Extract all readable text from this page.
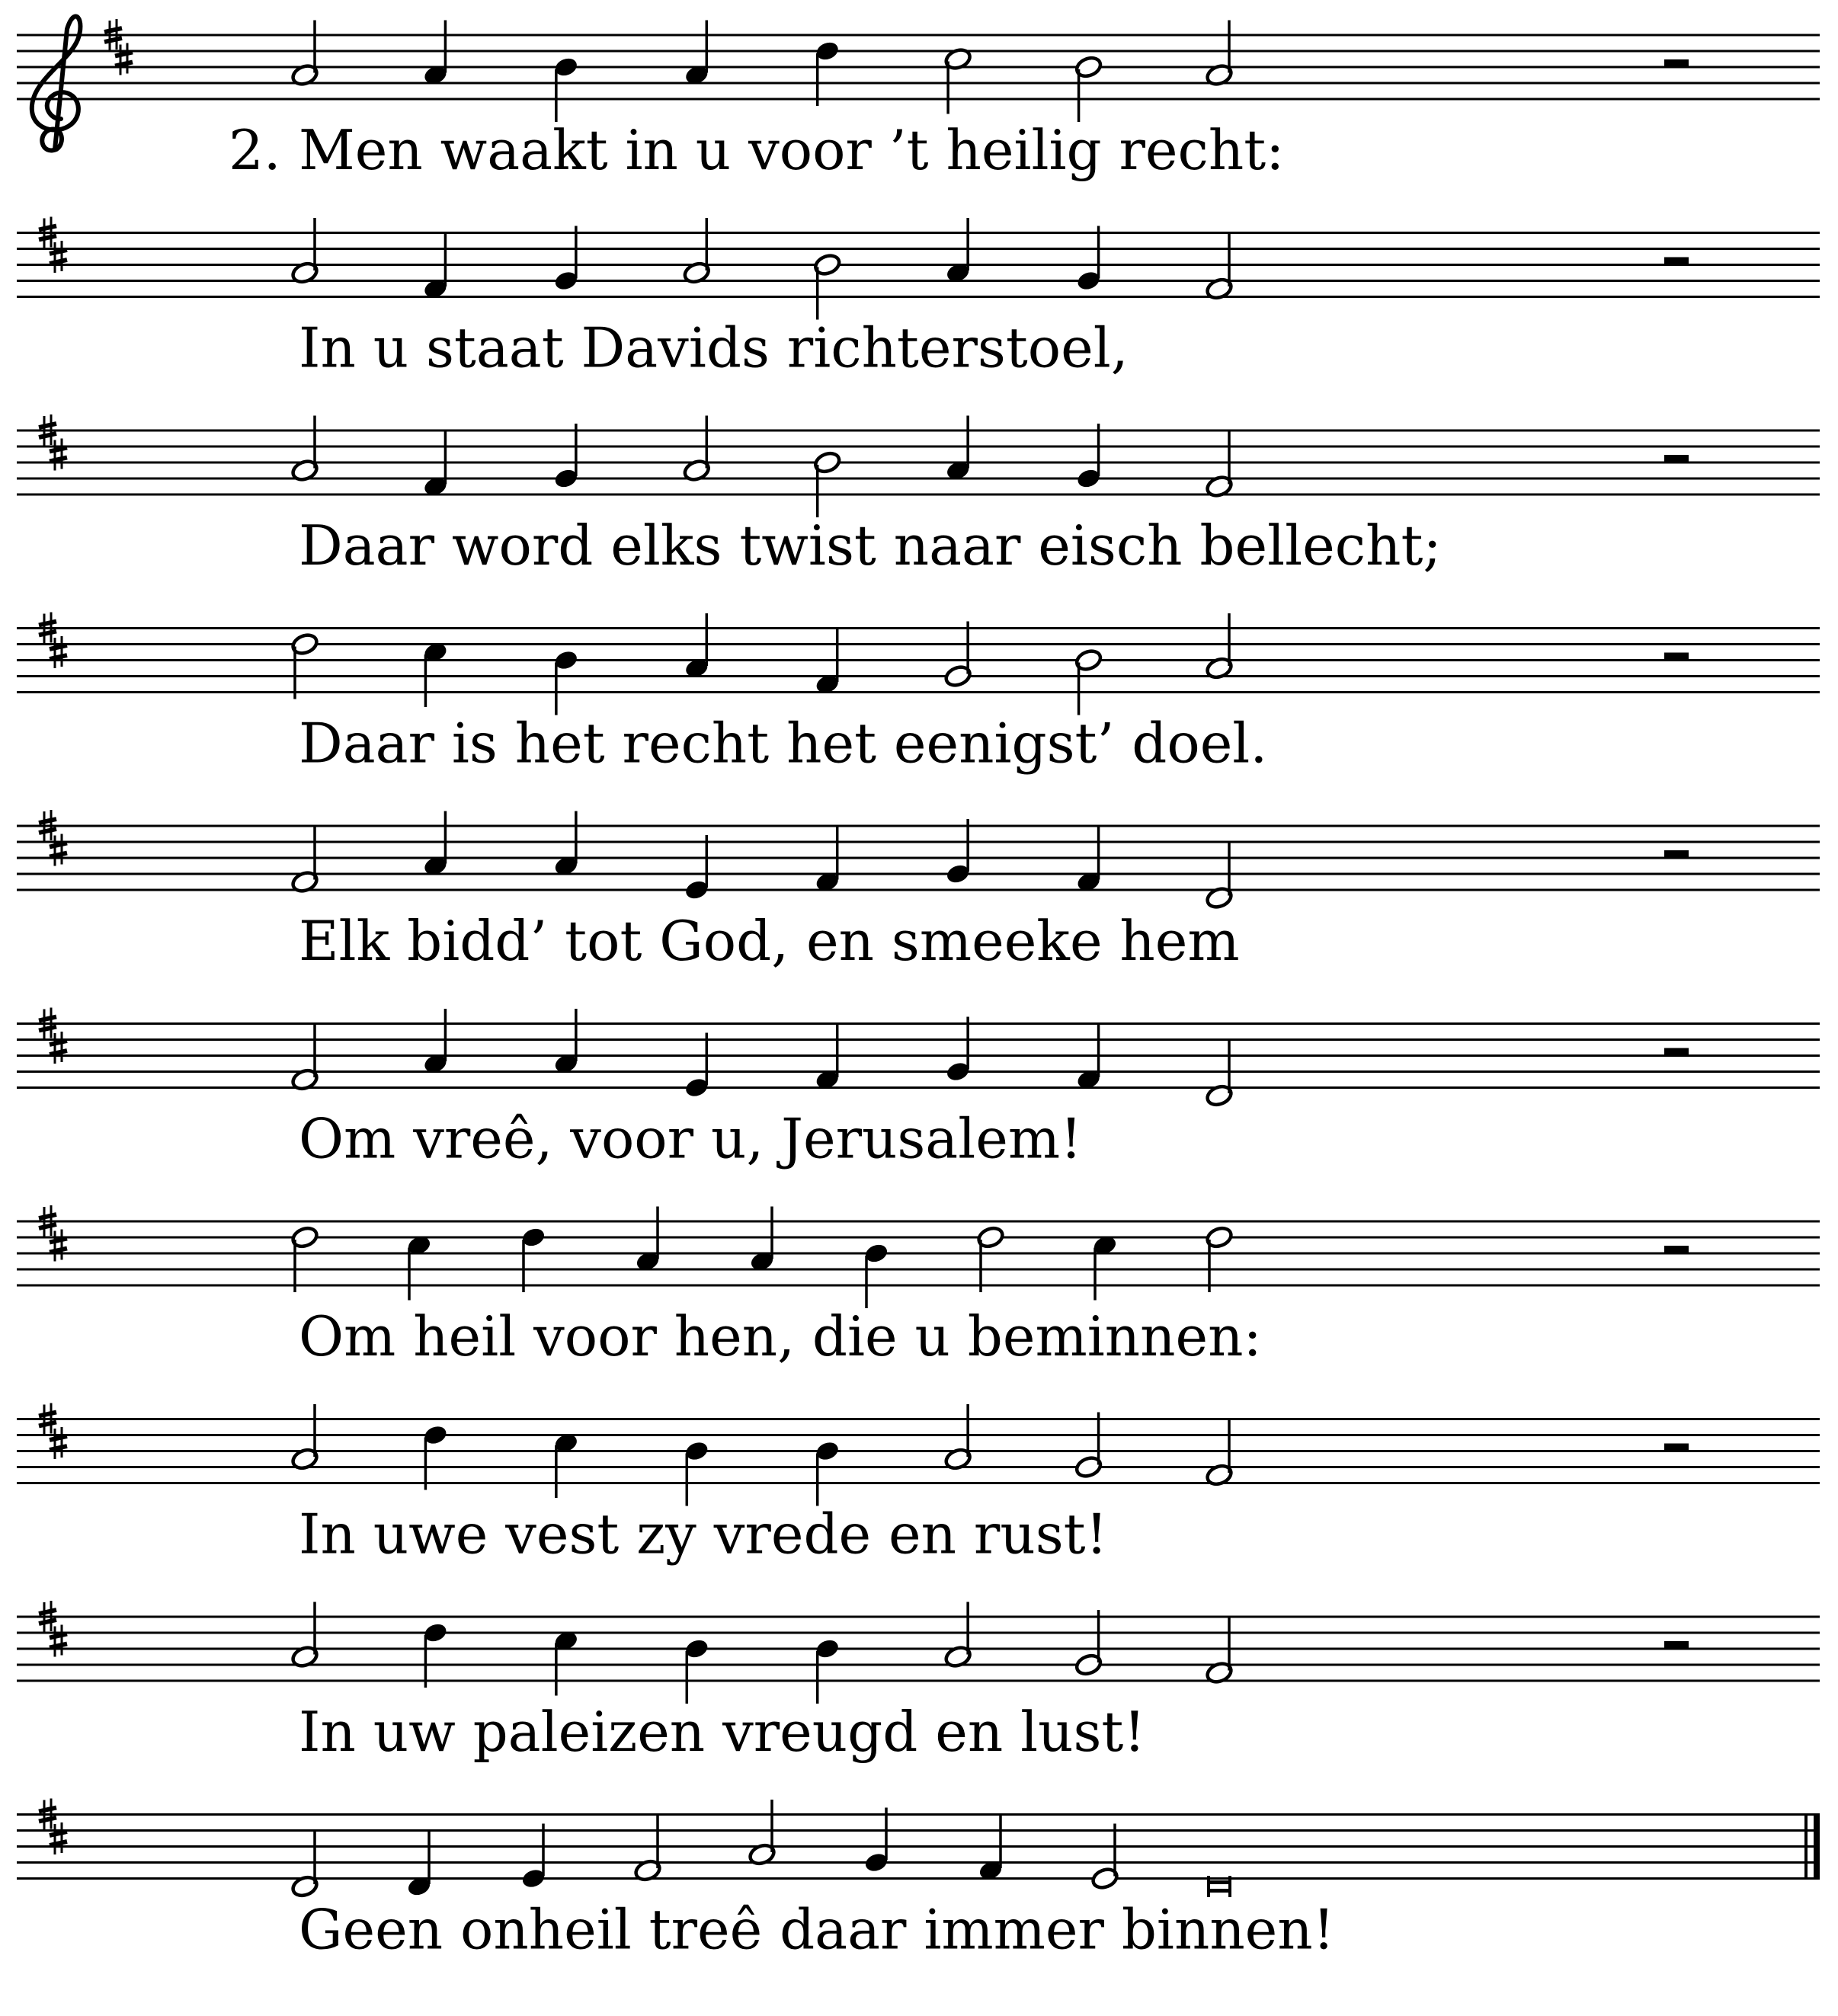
2. Men waakt in u voor ’t heilig recht:
In u staat Davids richterstoel,
Daar word elks twist naar eisch bellecht;
Daar is het recht het eenigst’ doel.
Elk bidd’ tot God, en smeeke hem
Om vreê, voor u, Jerusalem!
Om heil voor hen, die u beminnen:
In uwe vest zy vrede en rust!
In uw paleizen vreugd en lust!
Geen onheil treê daar immer binnen!
